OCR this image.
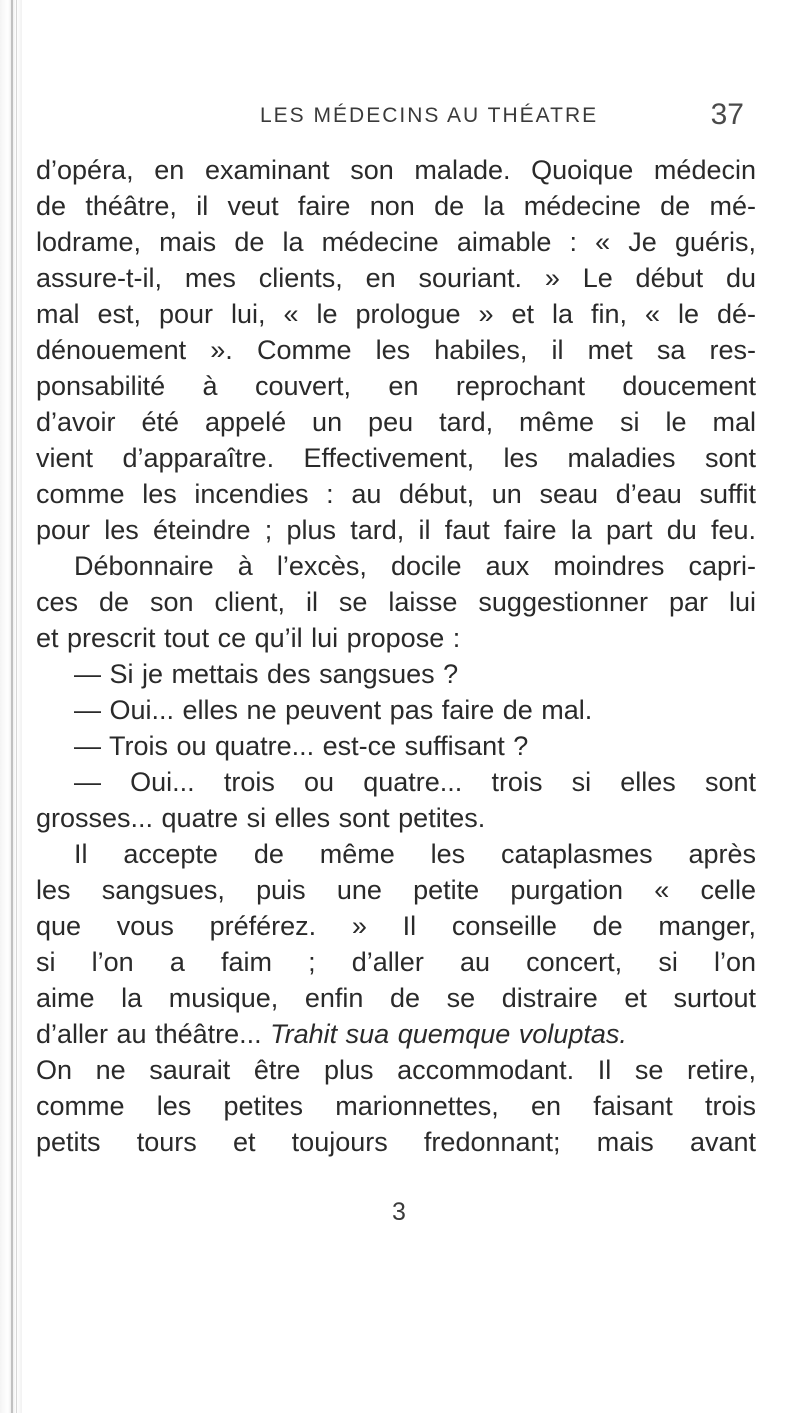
LES MÉDECINS AU THÉATRE	37
d’opéra, en examinant son malade. Quoique médecin
de théâtre, il veut faire non de la médecine de mé-
lodrame, mais de la médecine aimable : « Je guéris,
assure-t-il, mes clients, en souriant. » Le début du
mal est, pour lui, « le prologue » et la fin, « le dé-
dénouement ». Comme les habiles, il met sa res-
ponsabilité à couvert, en reprochant doucement
d’avoir été appelé un peu tard, même si le mal
vient d’apparaître. Effectivement, les maladies sont
comme les incendies : au début, un seau d’eau suffit
pour les éteindre ; plus tard, il faut faire la part du feu.
Débonnaire à l’excès, docile aux moindres capri-
ces de son client, il se laisse suggestionner par lui
et prescrit tout ce qu’il lui propose :
— Si je mettais des sangsues ?
— Oui... elles ne peuvent pas faire de mal.
— Trois ou quatre... est-ce suffisant ?
— Oui... trois ou quatre... trois si elles sont
grosses... quatre si elles sont petites.
Il accepte de même les cataplasmes après
les sangsues, puis une petite purgation « celle
que vous préférez. » Il conseille de manger,
si l’on a faim ; d’aller au concert, si l’on
aime la musique, enfin de se distraire et surtout
d’aller au théâtre... Trahit sua quemque voluptas.
On ne saurait être plus accommodant. Il se retire,
comme les petites marionnettes, en faisant trois
petits tours et toujours fredonnant; mais avant
3
